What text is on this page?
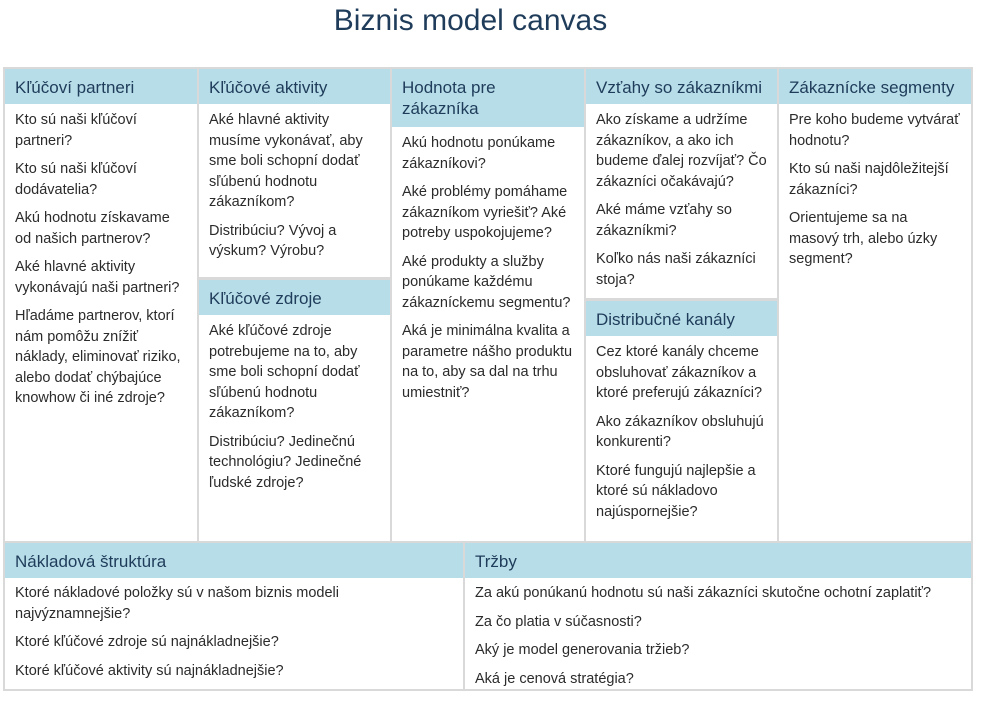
Biznis model canvas
Kľúčoví partneri

Kto sú naši kľúčoví partneri?

Kto sú naši kľúčoví dodávatelia?

Akú hodnotu získavame od našich partnerov?

Aké hlavné aktivity vykonávajú naši partneri?

Hľadáme partnerov, ktorí nám pomôžu znížiť náklady, eliminovať riziko, alebo dodať chýbajúce knowhow či iné zdroje?

Kľúčové aktivity

Aké hlavné aktivity musíme vykonávať, aby sme boli schopní dodať sľúbenú hodnotu zákazníkom?

Distribúciu? Vývoj a výskum? Výrobu?

Kľúčové zdroje

Aké kľúčové zdroje potrebujeme na to, aby sme boli schopní dodať sľúbenú hodnotu zákazníkom?

Distribúciu? Jedinečnú technológiu? Jedinečné ľudské zdroje?

Hodnota pre zákazníka

Akú hodnotu ponúkame zákazníkovi?

Aké problémy pomáhame zákazníkom vyriešiť? Aké potreby uspokojujeme?

Aké produkty a služby ponúkame každému zákazníckemu segmentu?

Aká je minimálna kvalita a parametre nášho produktu na to, aby sa dal na trhu umiestniť?

Vzťahy so zákazníkmi

Ako získame a udržíme zákazníkov, a ako ich budeme ďalej rozvíjať? Čo zákazníci očakávajú?

Aké máme vzťahy so zákazníkmi?

Koľko nás naši zákazníci stoja?

Distribučné kanály

Cez ktoré kanály chceme obsluhovať zákazníkov a ktoré preferujú zákazníci?

Ako zákazníkov obsluhujú konkurenti?

Ktoré fungujú najlepšie a ktoré sú nákladovo najúspornejšie?

Zákaznícke segmenty

Pre koho budeme vytvárať hodnotu?

Kto sú naši najdôležitejší zákazníci?

Orientujeme sa na masový trh, alebo úzky segment?

Nákladová štruktúra

Ktoré nákladové položky sú v našom biznis modeli najvýznamnejšie?

Ktoré kľúčové zdroje sú najnákladnejšie?

Ktoré kľúčové aktivity sú najnákladnejšie?

Tržby

Za akú ponúkanú hodnotu sú naši zákazníci skutočne ochotní zaplatiť?

Za čo platia v súčasnosti?

Aký je model generovania tržieb?

Aká je cenová stratégia?
